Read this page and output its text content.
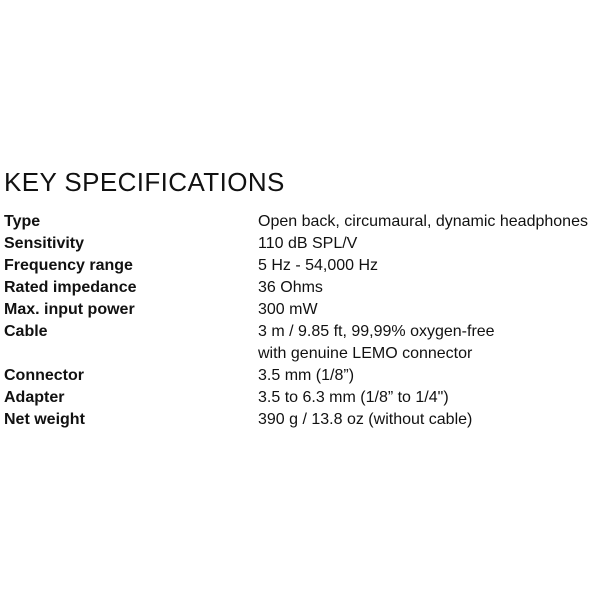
KEY SPECIFICATIONS
Type	Open back, circumaural, dynamic headphones
Sensitivity	110 dB SPL/V
Frequency range	5 Hz - 54,000 Hz
Rated impedance	36 Ohms
Max. input power	300 mW
Cable	3 m / 9.85 ft, 99,99% oxygen-free
with genuine LEMO connector
Connector	3.5 mm (1/8”)
Adapter	3.5 to 6.3 mm (1/8” to 1/4")
Net weight	390 g / 13.8 oz (without cable)
